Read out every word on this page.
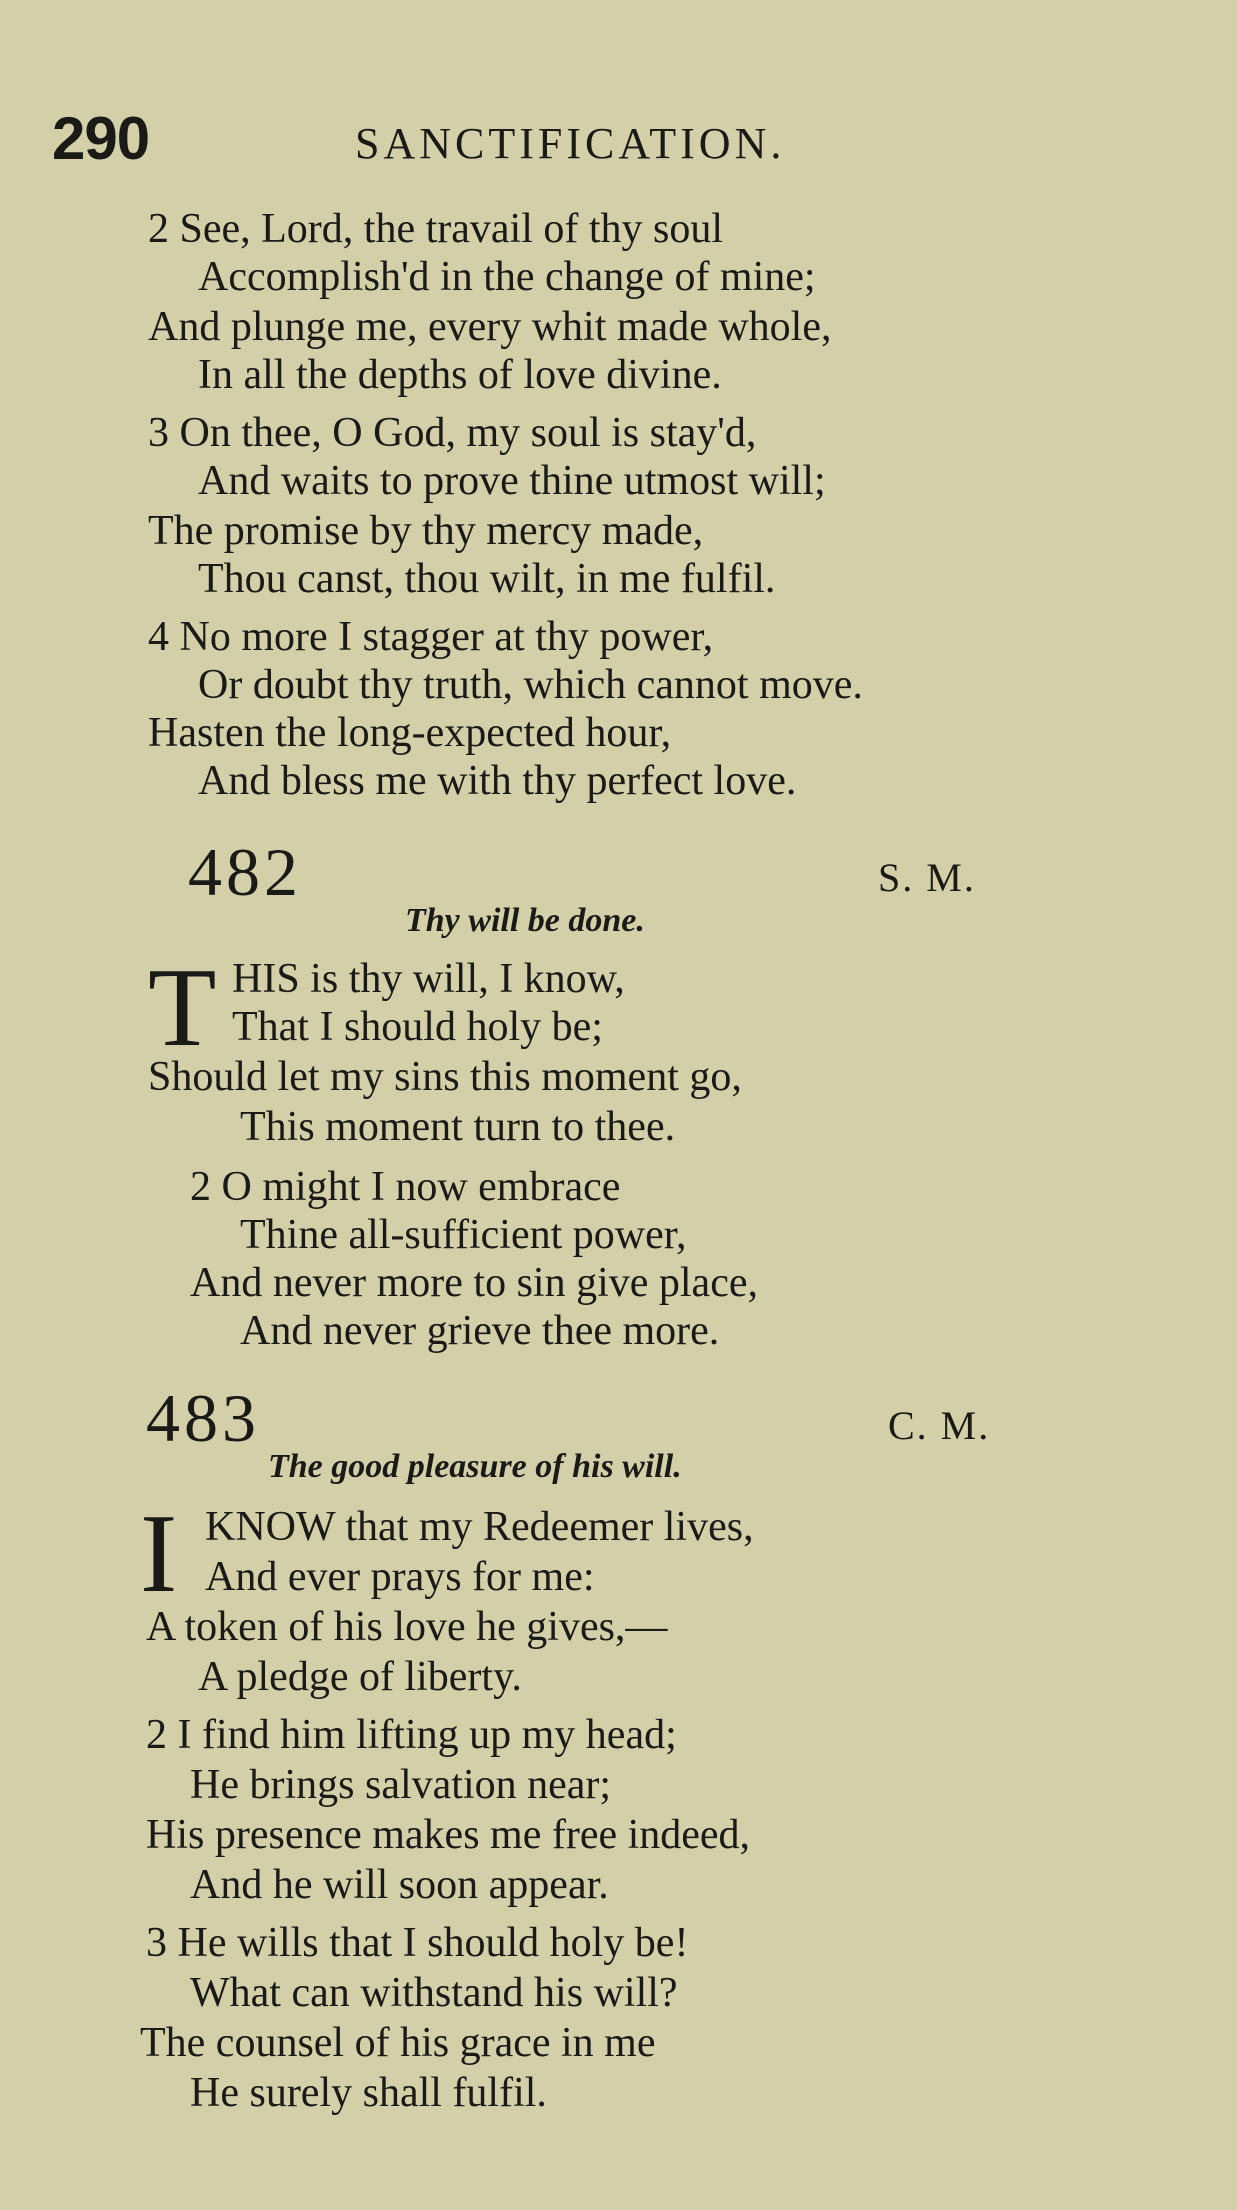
290	SANCTIFICATION.
2 See, Lord, the travail of thy soul
Accomplish'd in the change of mine;
And plunge me, every whit made whole,
In all the depths of love divine.
3 On thee, O God, my soul is stay'd,
And waits to prove thine utmost will;
The promise by thy mercy made,
Thou canst, thou wilt, in me fulfil.
4 No more I stagger at thy power,
Or doubt thy truth, which cannot move.
Hasten the long-expected hour,
And bless me with thy perfect love.
482	S. M.
Thy will be done.
T HIS is thy will, I know,
That I should holy be;
Should let my sins this moment go,
This moment turn to thee.
2 O might I now embrace
Thine all-sufficient power,
And never more to sin give place,
And never grieve thee more.
483	C. M.
The good pleasure of his will.
I KNOW that my Redeemer lives,
And ever prays for me:
A token of his love he gives,—
A pledge of liberty.
2 I find him lifting up my head;
He brings salvation near;
His presence makes me free indeed,
And he will soon appear.
3 He wills that I should holy be!
What can withstand his will?
The counsel of his grace in me
He surely shall fulfil.
